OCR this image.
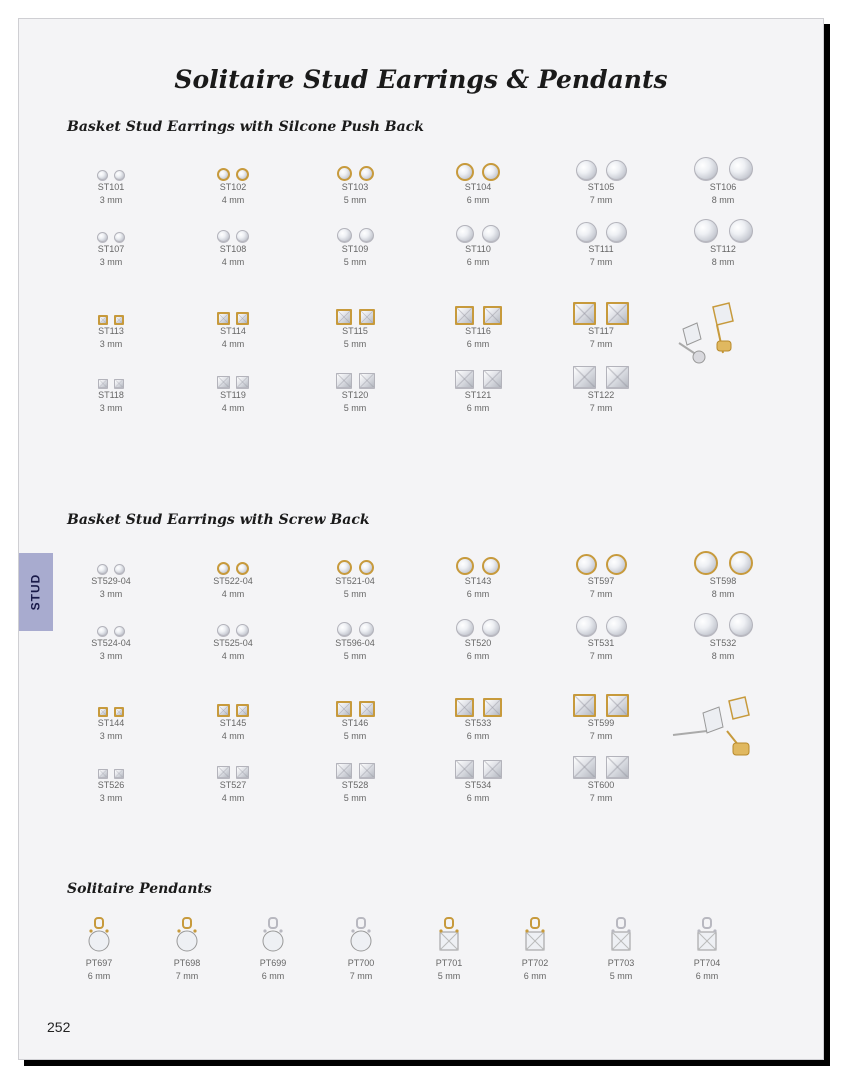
Solitaire Stud Earrings & Pendants
Basket Stud Earrings with Silcone Push Back
Basket Stud Earrings with Screw Back
Solitaire Pendants
ST101
3 mm
ST102
4 mm
ST103
5 mm
ST104
6 mm
ST105
7 mm
ST106
8 mm
ST107
3 mm
ST108
4 mm
ST109
5 mm
ST110
6 mm
ST111
7 mm
ST112
8 mm
ST113
3 mm
ST114
4 mm
ST115
5 mm
ST116
6 mm
ST117
7 mm
ST118
3 mm
ST119
4 mm
ST120
5 mm
ST121
6 mm
ST122
7 mm
ST529-04
3 mm
ST522-04
4 mm
ST521-04
5 mm
ST143
6 mm
ST597
7 mm
ST598
8 mm
ST524-04
3 mm
ST525-04
4 mm
ST596-04
5 mm
ST520
6 mm
ST531
7 mm
ST532
8 mm
ST144
3 mm
ST145
4 mm
ST146
5 mm
ST533
6 mm
ST599
7 mm
ST526
3 mm
ST527
4 mm
ST528
5 mm
ST534
6 mm
ST600
7 mm
PT697
6 mm
PT698
7 mm
PT699
6 mm
PT700
7 mm
PT701
5 mm
PT702
6 mm
PT703
5 mm
PT704
6 mm
STUD
252
